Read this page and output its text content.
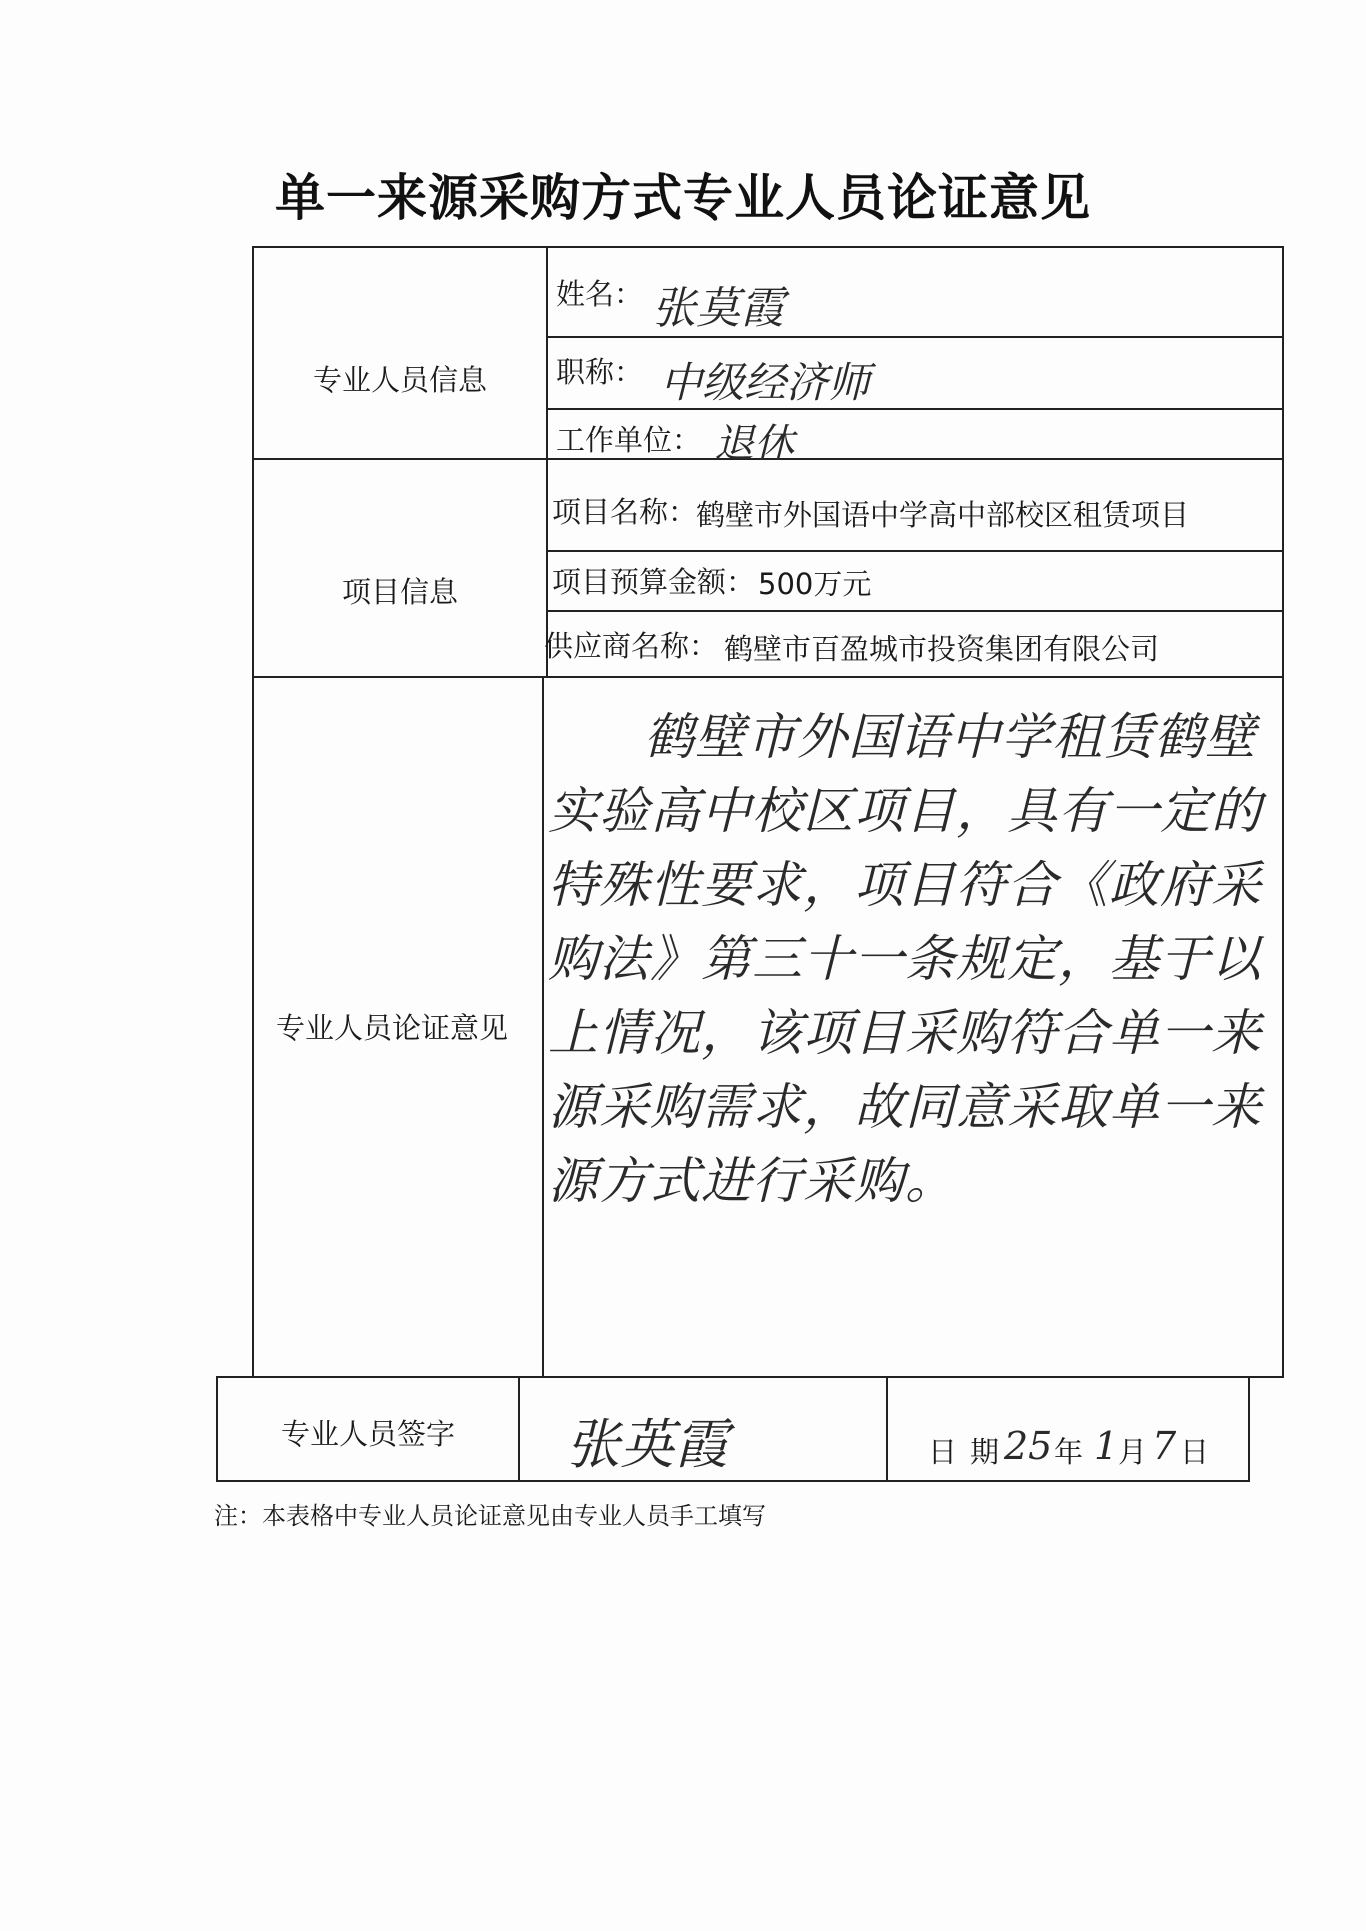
单一来源采购方式专业人员论证意见
专业人员信息
姓名： 张莫霞
职称： 中级经济师
工作单位： 退休
项目信息
项目名称：
鹤壁市外国语中学高中部校区租赁项目
项目预算金额： 500万元
供应商名称： 鹤壁市百盈城市投资集团有限公司
专业人员论证意见
鹤壁市外国语中学租赁鹤壁实验高中校区项目，具有一定的特殊性要求，项目符合《政府采购法》第三十一条规定，基于以上情况，该项目采购符合单一来源采购需求，故同意采取单一来源方式进行采购。
专业人员签字	张英霞	日 期 25 年 1 月 7 日
注：本表格中专业人员论证意见由专业人员手工填写
